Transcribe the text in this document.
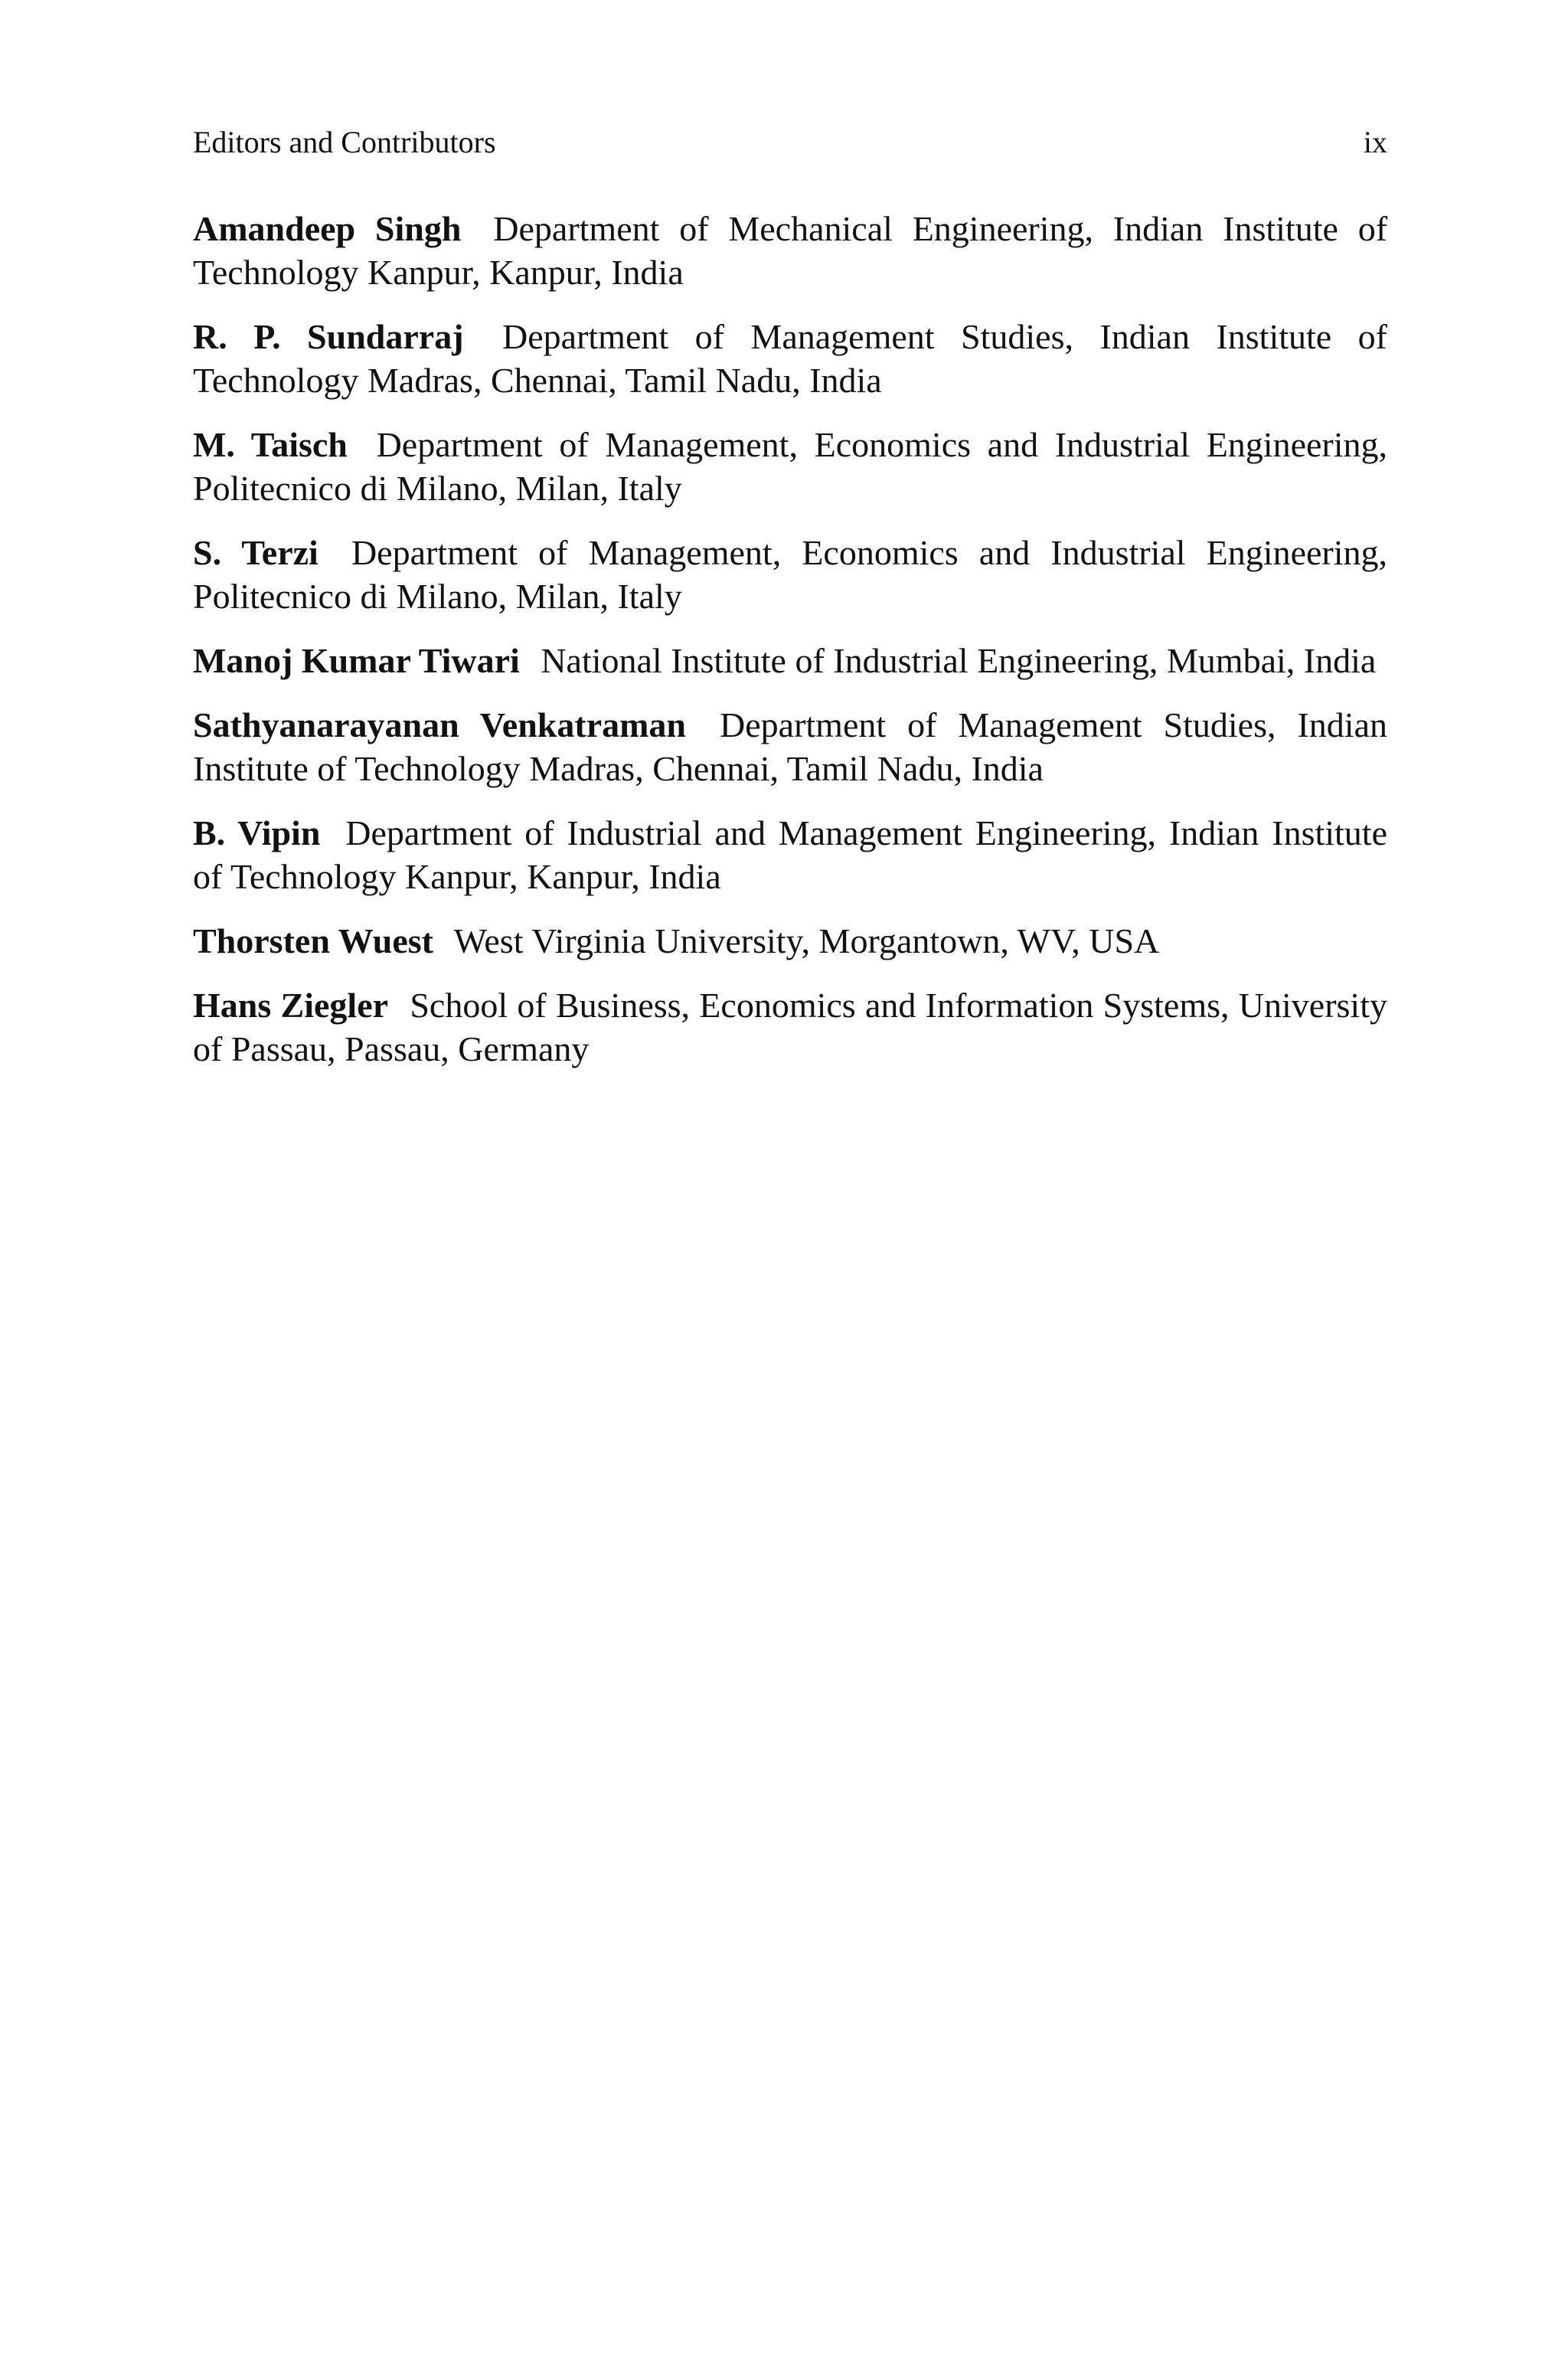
Editors and Contributors	ix

Amandeep Singh Department of Mechanical Engineering, Indian Institute of Technology Kanpur, Kanpur, India

R. P. Sundarraj Department of Management Studies, Indian Institute of Technology Madras, Chennai, Tamil Nadu, India

M. Taisch Department of Management, Economics and Industrial Engineering, Politecnico di Milano, Milan, Italy

S. Terzi Department of Management, Economics and Industrial Engineering, Politecnico di Milano, Milan, Italy

Manoj Kumar Tiwari National Institute of Industrial Engineering, Mumbai, India

Sathyanarayanan Venkatraman Department of Management Studies, Indian Institute of Technology Madras, Chennai, Tamil Nadu, India

B. Vipin Department of Industrial and Management Engineering, Indian Institute of Technology Kanpur, Kanpur, India

Thorsten Wuest West Virginia University, Morgantown, WV, USA

Hans Ziegler School of Business, Economics and Information Systems, University of Passau, Passau, Germany
